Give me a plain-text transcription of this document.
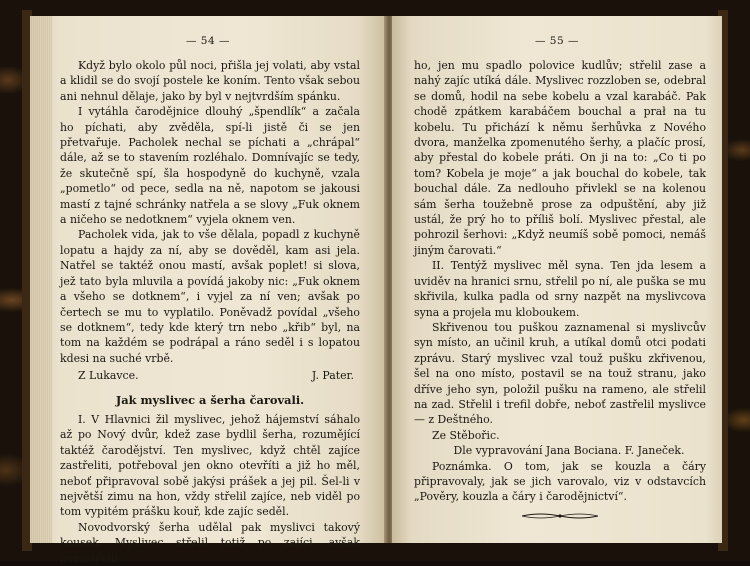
— 54 —

Když bylo okolo půl noci, přišla jej volati, aby vstal a klidil se do svojí postele ke koním. Tento však sebou ani nehnul dělaje, jako by byl v nejtvrdším spánku.

I vytáhla čarodějnice dlouhý „špendlík“ a začala ho píchati, aby zvěděla, spí-li jistě či se jen přetvařuje. Pacholek nechal se píchati a „chrápal“ dále, až se to stavením rozléhalo. Domnívajíc se tedy, že skutečně spí, šla hospodyně do kuchyně, vzala „pometlo“ od pece, sedla na ně, napotom se jakousi mastí z tajné schránky natřela a se slovy „Fuk oknem a ničeho se nedotknem“ vyjela oknem ven.

Pacholek vida, jak to vše dělala, popadl z kuchyně lopatu a hajdy za ní, aby se dověděl, kam asi jela. Natřel se taktéž onou mastí, avšak poplet! si slova, jež tato byla mluvila a povídá jakoby nic: „Fuk oknem a všeho se dotknem“, i vyjel za ní ven; avšak po čertech se mu to vyplatilo. Poněvadž povídal „všeho se dotknem“, tedy kde který trn nebo „křib“ byl, na tom na každém se podrápal a ráno seděl i s lopatou kdesi na suché vrbě.

Z Lukavce.	J. Pater.
Jak myslivec a šerha čarovali.

I. V Hlavnici žil myslivec, jehož hájemství sáhalo až po Nový dvůr, kdež zase bydlil šerha, rozumějící taktéž čarodějství. Ten myslivec, když chtěl zajíce zastřeliti, potřeboval jen okno otevříti a již ho měl, neboť připravoval sobě jakýsi prášek a jej pil. Šel-li v největší zimu na hon, vždy střelil zajíce, neb viděl po tom vypitém prášku kouř, kde zajíc seděl.

Novodvorský šerha udělal pak myslivci takový kousek. Myslivec střelil totiž po zajíci, avšak nezastřelil

— 55 —

ho, jen mu spadlo polovice kudlův; střelil zase a nahý zajíc utíká dále. Myslivec rozzloben se, odebral se domů, hodil na sebe kobelu a vzal karabáč. Pak chodě zpátkem karabáčem bouchal a prał na tu kobelu. Tu přichází k němu šerhůvka z Nového dvora, manželka zpomenutého šerhy, a plačíc prosí, aby přestal do kobele práti. On ji na to: „Co ti po tom? Kobela je moje“ a jak bouchal do kobele, tak bouchal dále. Za nedlouho přivlekl se na kolenou sám šerha toužebně prose za odpuštění, aby již ustál, že prý ho to příliš bolí. Myslivec přestal, ale pohrozil šerhovi: „Když neumíš sobě pomoci, nemáš jiným čarovati.“

II. Tentýž myslivec měl syna. Ten jda lesem a uviděv na hranici srnu, střelil po ní, ale puška se mu skřivila, kulka padla od srny nazpět na myslivcova syna a projela mu kloboukem.

Skřivenou tou puškou zaznamenal si myslivcův syn místo, an učinil kruh, a utíkal domů otci podati zprávu. Starý myslivec vzal touž pušku zkřivenou, šel na ono místo, postavil se na touž stranu, jako dříve jeho syn, položil pušku na rameno, ale střelil na zad. Střelil i trefil dobře, neboť zastřelil myslivce — z Deštného.

Ze Stěbořic.

Dle vypravování Jana Bociana. F. Janeček.

Poznámka. O tom, jak se kouzla a čáry připravovaly, jak se jich varovalo, viz v odstavcích „Pověry, kouzla a čáry i čarodějnictví“.
